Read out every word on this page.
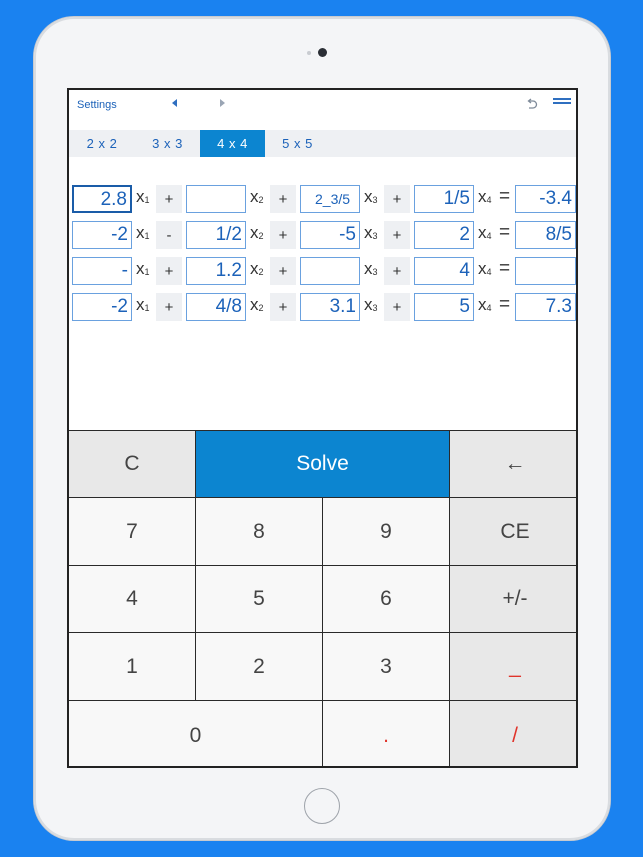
Settings
2 x 2	3 x 3	4 x 4	5 x 5
2.8 $x_1$	+	$x_2$	+	2_3/5 $x_3$	+	1/5 $x_4$ =	-3.4
-2 $x_1$	-	1/2 $x_2$	+	-5 $x_3$	+	2 $x_4$ =	8/5
- $x_1$	+	1.2 $x_2$	+	$x_3$	+	4 $x_4$ =
-2 $x_1$	+	4/8 $x_2$	+	3.1 $x_3$	+	5 $x_4$ =	7.3
C	Solve	←
7	8	9	CE
4	5	6	+/-
1	2	3	_
0	.	/
